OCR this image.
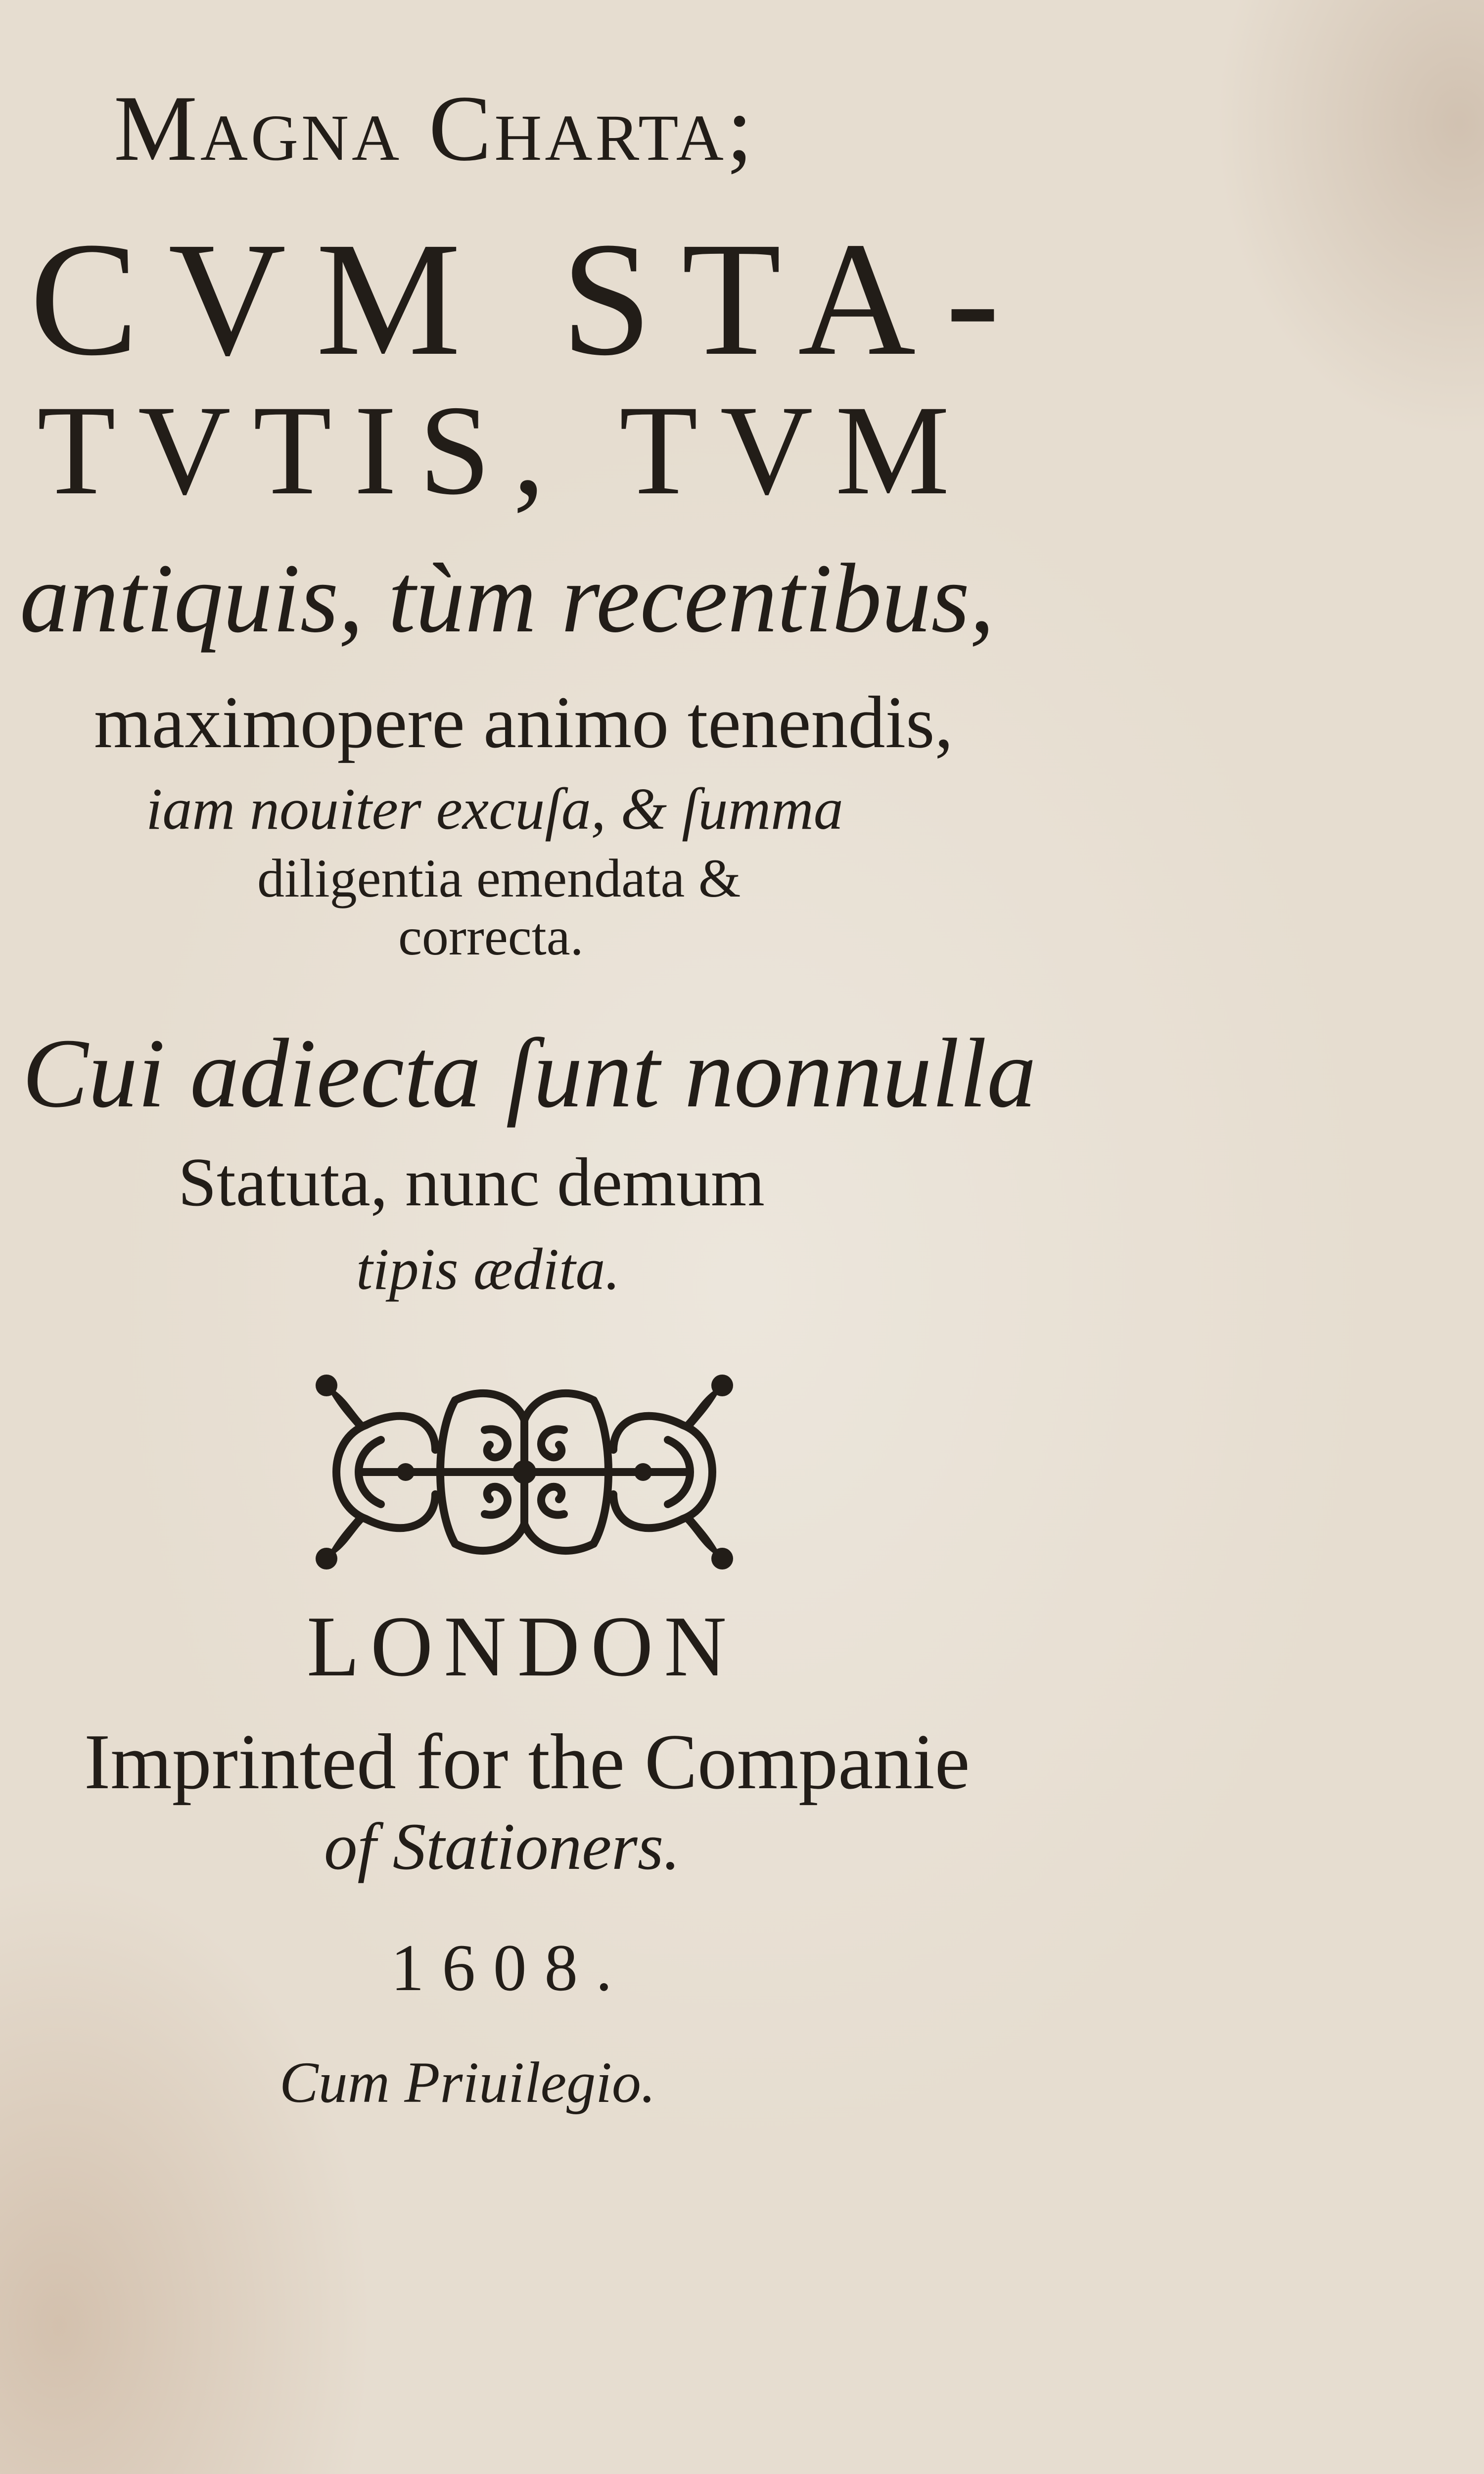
Magna Charta;
CVM STA-
TVTIS, TVM
antiquis, tùm recentibus,
maximopere animo tenendis,
iam nouiter excuſa, & ſumma
diligentia emendata &
correcta.
Cui adiecta ſunt nonnulla
Statuta, nunc demum
tipis ædita.
LONDON
Imprinted for the Companie
of Stationers.
1608.
Cum Priuilegio.
